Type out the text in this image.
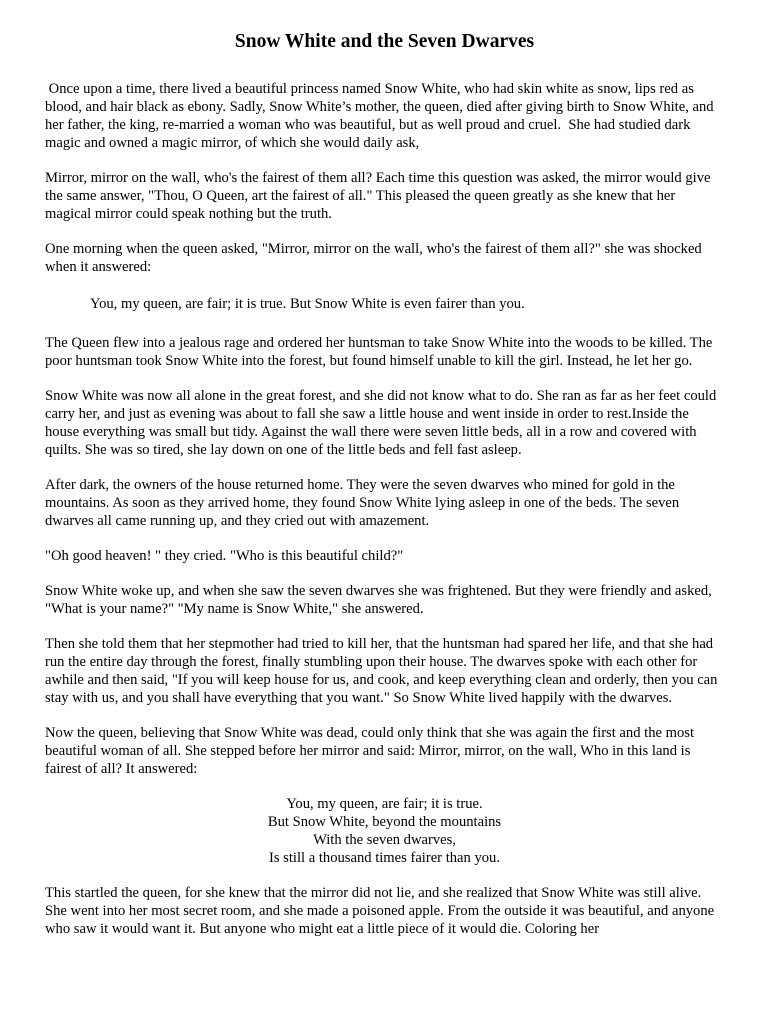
Snow White and the Seven Dwarves

Once upon a time, there lived a beautiful princess named Snow White, who had skin white as snow, lips red as blood, and hair black as ebony. Sadly, Snow White’s mother, the queen, died after giving birth to Snow White, and her father, the king, re-married a woman who was beautiful, but as well proud and cruel.  She had studied dark magic and owned a magic mirror, of which she would daily ask,

Mirror, mirror on the wall, who's the fairest of them all? Each time this question was asked, the mirror would give the same answer, "Thou, O Queen, art the fairest of all." This pleased the queen greatly as she knew that her magical mirror could speak nothing but the truth.

One morning when the queen asked, "Mirror, mirror on the wall, who's the fairest of them all?" she was shocked when it answered:

You, my queen, are fair; it is true. But Snow White is even fairer than you.

The Queen flew into a jealous rage and ordered her huntsman to take Snow White into the woods to be killed. The poor huntsman took Snow White into the forest, but found himself unable to kill the girl. Instead, he let her go.

Snow White was now all alone in the great forest, and she did not know what to do. She ran as far as her feet could carry her, and just as evening was about to fall she saw a little house and went inside in order to rest.Inside the house everything was small but tidy. Against the wall there were seven little beds, all in a row and covered with quilts. She was so tired, she lay down on one of the little beds and fell fast asleep.

After dark, the owners of the house returned home. They were the seven dwarves who mined for gold in the mountains. As soon as they arrived home, they found Snow White lying asleep in one of the beds. The seven dwarves all came running up, and they cried out with amazement.

"Oh good heaven! " they cried. "Who is this beautiful child?"

Snow White woke up, and when she saw the seven dwarves she was frightened. But they were friendly and asked, "What is your name?" "My name is Snow White," she answered.

Then she told them that her stepmother had tried to kill her, that the huntsman had spared her life, and that she had run the entire day through the forest, finally stumbling upon their house. The dwarves spoke with each other for awhile and then said, "If you will keep house for us, and cook, and keep everything clean and orderly, then you can stay with us, and you shall have everything that you want." So Snow White lived happily with the dwarves.

Now the queen, believing that Snow White was dead, could only think that she was again the first and the most beautiful woman of all. She stepped before her mirror and said: Mirror, mirror, on the wall, Who in this land is fairest of all? It answered:

You, my queen, are fair; it is true.
But Snow White, beyond the mountains
With the seven dwarves,
Is still a thousand times fairer than you.

This startled the queen, for she knew that the mirror did not lie, and she realized that Snow White was still alive. She went into her most secret room, and she made a poisoned apple. From the outside it was beautiful, and anyone who saw it would want it. But anyone who might eat a little piece of it would die. Coloring her
